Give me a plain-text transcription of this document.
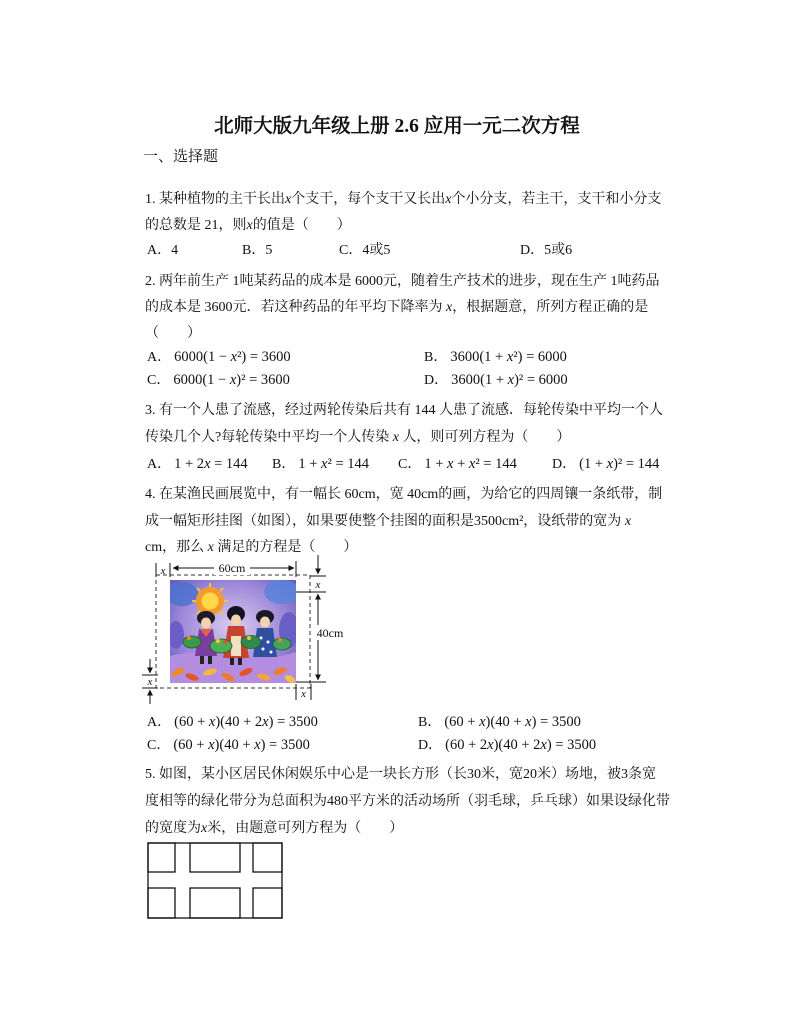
北师大版九年级上册 2.6 应用一元二次方程
一、选择题
1. 某种植物的主干长出x个支干，每个支干又长出x个小分支，若主干，支干和小分支
的总数是 21，则x的值是（　　）
A．4	B．5	C．4或5	D．5或6
2. 两年前生产 1吨某药品的成本是 6000元，随着生产技术的进步，现在生产 1吨药品
的成本是 3600元．若这种药品的年平均下降率为 x，根据题意，所列方程正确的是
（　　）
A． 6000(1 − x²) = 3600	B． 3600(1 + x²) = 6000
C． 6000(1 − x)² = 3600	D． 3600(1 + x)² = 6000
3. 有一个人患了流感，经过两轮传染后共有 144 人患了流感．每轮传染中平均一个人
传染几个人?每轮传染中平均一个人传染 x 人，则可列方程为（　　）
A． 1 + 2x = 144 B． 1 + x² = 144 C． 1 + x + x² = 144	D． (1 + x)² = 144
4. 在某渔民画展览中，有一幅长 60cm，宽 40cm的画，为给它的四周镶一条纸带，制
成一幅矩形挂图（如图），如果要使整个挂图的面积是3500cm²，设纸带的宽为 x
cm，那么 x 满足的方程是（　　）
x	60cm
x
40cm
x
x
A． (60 + x)(40 + 2x) = 3500	B． (60 + x)(40 + x) = 3500
C． (60 + x)(40 + x) = 3500	D． (60 + 2x)(40 + 2x) = 3500
5. 如图，某小区居民休闲娱乐中心是一块长方形（长30米，宽20米）场地，被3条宽
度相等的绿化带分为总面积为480平方米的活动场所（羽毛球，乒乓球）如果设绿化带
的宽度为x米，由题意可列方程为（　　）
